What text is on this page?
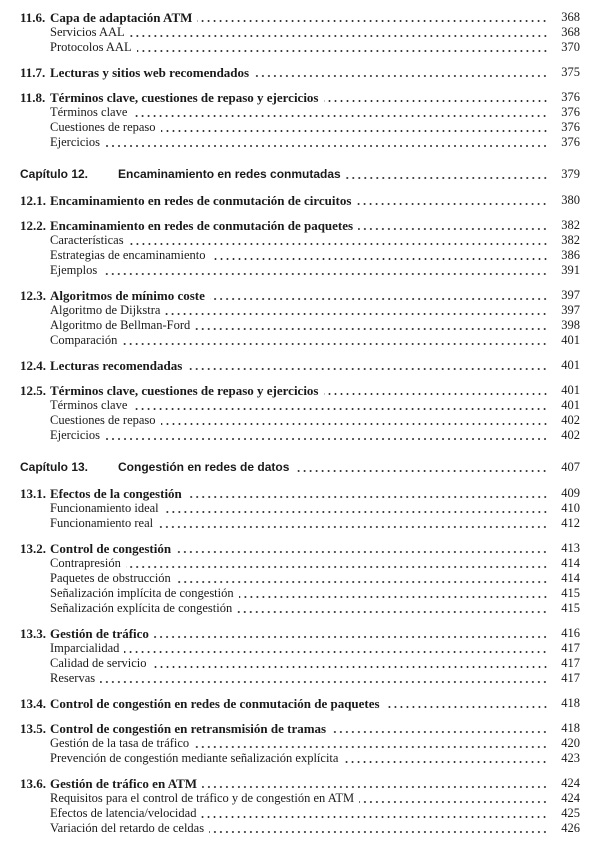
11.6. Capa de adaptación ATM	368
Servicios AAL	368
Protocolos AAL	370
11.7. Lecturas y sitios web recomendados	375
11.8. Términos clave, cuestiones de repaso y ejercicios	376
Términos clave	376
Cuestiones de repaso	376
Ejercicios	376
Capítulo 12.	Encaminamiento en redes conmutadas	379
12.1. Encaminamiento en redes de conmutación de circuitos	380
12.2. Encaminamiento en redes de conmutación de paquetes	382
Características	382
Estrategias de encaminamiento	386
Ejemplos	391
12.3. Algoritmos de mínimo coste	397
Algoritmo de Dijkstra	397
Algoritmo de Bellman-Ford	398
Comparación	401
12.4. Lecturas recomendadas	401
12.5. Términos clave, cuestiones de repaso y ejercicios	401
Términos clave	401
Cuestiones de repaso	402
Ejercicios	402
Capítulo 13.	Congestión en redes de datos	407
13.1. Efectos de la congestión	409
Funcionamiento ideal	410
Funcionamiento real	412
13.2. Control de congestión	413
Contrapresión	414
Paquetes de obstrucción	414
Señalización implícita de congestión	415
Señalización explícita de congestión	415
13.3. Gestión de tráfico	416
Imparcialidad	417
Calidad de servicio	417
Reservas	417
13.4. Control de congestión en redes de conmutación de paquetes	418
13.5. Control de congestión en retransmisión de tramas	418
Gestión de la tasa de tráfico	420
Prevención de congestión mediante señalización explícita	423
13.6. Gestión de tráfico en ATM	424
Requisitos para el control de tráfico y de congestión en ATM	424
Efectos de latencia/velocidad	425
Variación del retardo de celdas	426
